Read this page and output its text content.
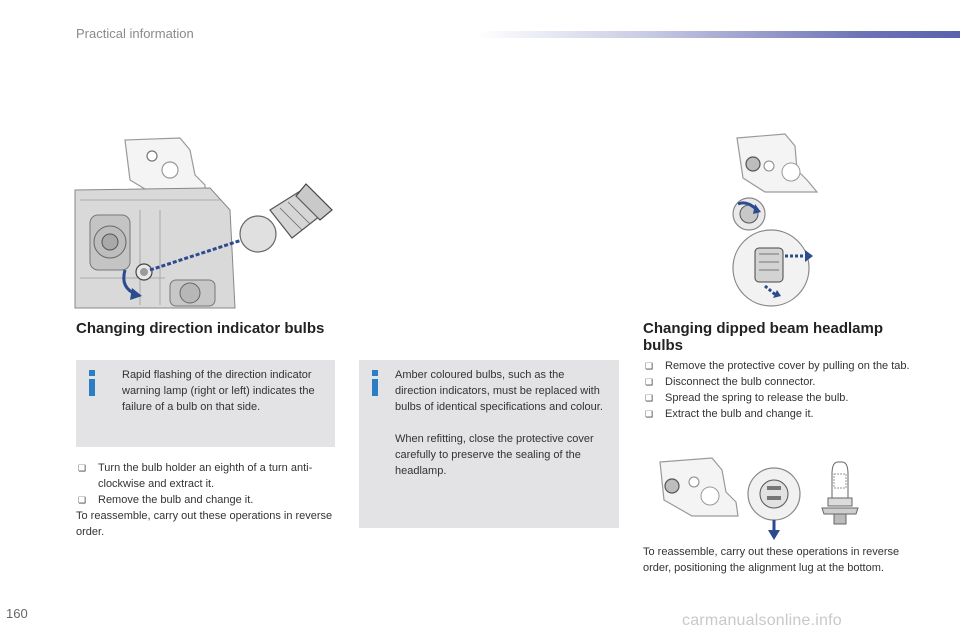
Practical information
Changing direction indicator bulbs

Rapid flashing of the direction indicator warning lamp (right or left) indicates the failure of a bulb on that side.

❏ Turn the bulb holder an eighth of a turn anti-clockwise and extract it.
❏ Remove the bulb and change it.

To reassemble, carry out these operations in reverse order.

Amber coloured bulbs, such as the direction indicators, must be replaced with bulbs of identical specifications and colour.

When refitting, close the protective cover carefully to preserve the sealing of the headlamp.

Changing dipped beam headlamp bulbs
❏ Remove the protective cover by pulling on the tab.
❏ Disconnect the bulb connector.
❏ Spread the spring to release the bulb.
❏ Extract the bulb and change it.

To reassemble, carry out these operations in reverse order, positioning the alignment lug at the bottom.

160	carmanualsonline.info
